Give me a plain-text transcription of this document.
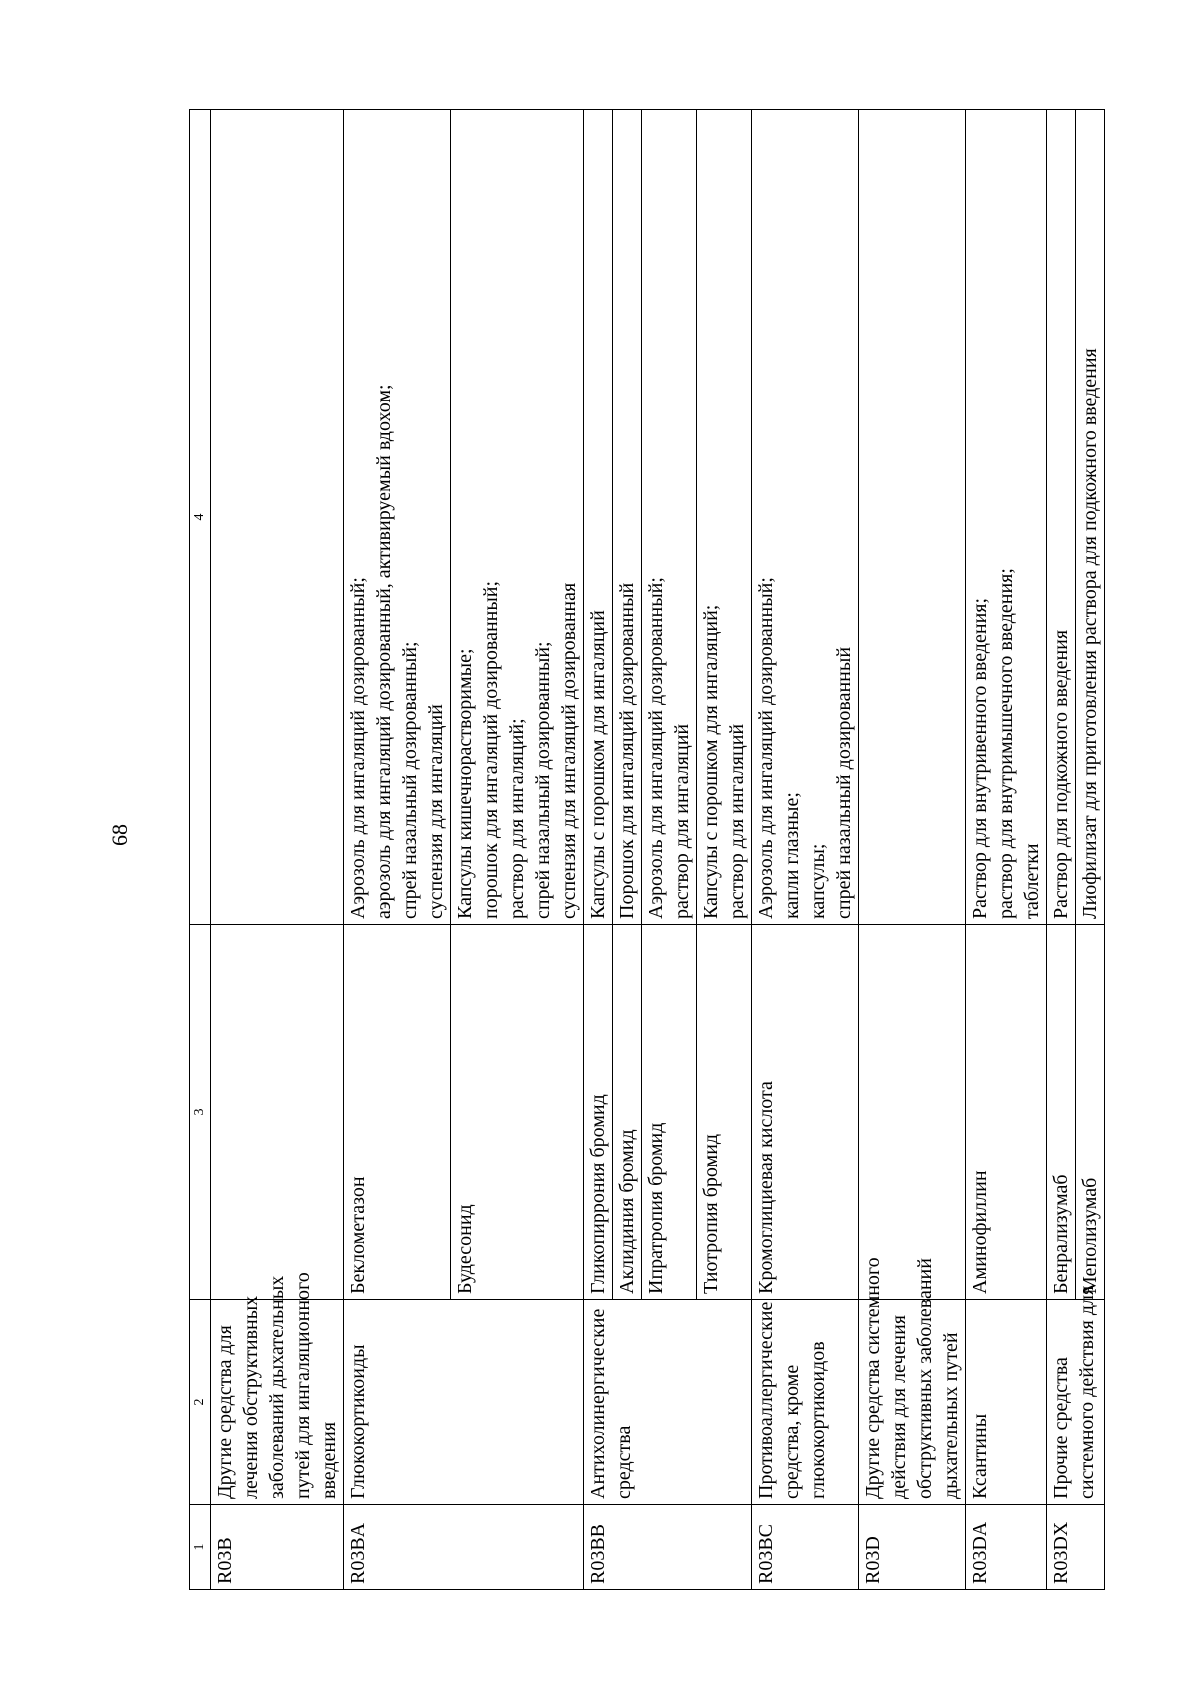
68
1	2	3	4
R03B	Другие средства для лечения обструктивных заболеваний дыхательных путей для ингаляционного введения		

R03BA	Глюкокортикоиды	Беклометазон	Аэрозоль для ингаляций дозированный; аэрозоль для ингаляций дозированный, активируемый вдохом; спрей назальный дозированный; суспензия для ингаляций

		Будесонид	Капсулы кишечнорастворимые; порошок для ингаляций дозированный; раствор для ингаляций; спрей назальный дозированный; суспензия для ингаляций дозированная

R03BB	Антихолинергические средства	Гликопиррония бромид	Капсулы с порошком для ингаляций

		Аклидиния бромид	Порошок для ингаляций дозированный

		Ипратропия бромид	Аэрозоль для ингаляций дозированный; раствор для ингаляций

		Тиотропия бромид	Капсулы с порошком для ингаляций; раствор для ингаляций

R03BC	Противоаллергические средства, кроме глюкокортикоидов	Кромоглициевая кислота	Аэрозоль для ингаляций дозированный; капли глазные; капсулы; спрей назальный дозированный

R03D	Другие средства системного действия для лечения обструктивных заболеваний дыхательных путей		

R03DA	Ксантины	Аминофиллин	Раствор для внутривенного введения; раствор для внутримышечного введения; таблетки

R03DX	Прочие средства системного действия для	Бенрализумаб	Раствор для подкожного введения

		Меполизумаб	Лиофилизат для приготовления раствора для подкожного введения
